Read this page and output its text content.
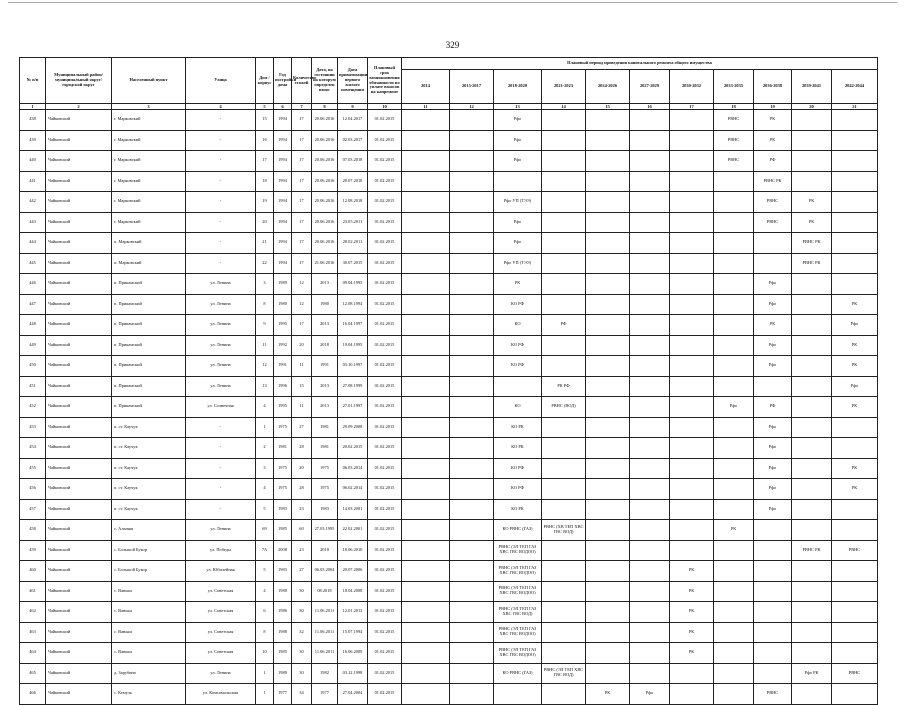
329
№ п/п	Муниципальный район/ муниципальный округ/городской округ	Населенный пункт	Улица	Дом / корпус	Год постройки дома	Количество этажей	Дата, на состоянии на которую определен износ	Дата приватизации первого жилого помещения	Плановый срок возникновения обязанности по уплате взносов на капремонт	Плановый период проведения капитального ремонта общего имущества										
										2014	2015-2017	2018-2020	2021-2023	2024-2026	2027-2029	2030-2032	2033-2035	2036-2038	2039-2041	2042-2044
1	2	3	4	5	6	7	8	9	10	11	12	13	14	15	16	17	18	19	20	21
438	Чайковский	г. Марковский	-	15	1994	17	20.06.2016	12.04.2017	01.02.2015			Рфо					РВНС	РК		
439	Чайковский	г. Марковский	-	16	1994	17	20.06.2016	02.03.2017	01.02.2015			Рфо					РВНС	РК		
440	Чайковский	г. Марковский	-	17	1994	17	20.06.2016	07.03.2018	01.02.2015			Рфо					РВНС	РФ		
441	Чайковский	г. Марковский	-	18	1994	17	20.06.2016	20.07.2018	01.02.2015									РВНС РК		
442	Чайковский	г. Марковский	-	19	1994	17	20.06.2016	12.08.2018	01.02.2015			Рфо УП (ТЭЭ)						РВНС	РК	
443	Чайковский	г. Марковский	-	20	1994	17	20.06.2016	23.05.2011	01.02.2015			Рфо						РВНС	РК	
444	Чайковский	п. Марковский	-	21	1994	17	20.06.2016	28.02.2011	01.02.2015			Рфо							РВНС РК	
445	Чайковский	п. Марковский	-	22	1994	17	21.06.2016	30.07.2015	01.02.2015			Рфо УП (ТЭЭ)							РВНС РК	
446	Чайковский	п. Прикамский	ул. Ленина	3	1989	12	2013	09.04.1995	01.02.2015			РК						Рфо		
447	Чайковский	п. Прикамский	ул. Ленина	8	1980	12	1980	12.08.1994	01.02.2015			КО РФ						Рфо		РК
448	Чайковский	п. Прикамский	ул. Ленина	9	1995	17	2013	16.04.1997	01.02.2015			КО	РФ					РК		Рфо
449	Чайковский	п. Прикамский	ул. Ленина	11	1992	20	2018	10.04.1995	01.02.2015			КО РФ						Рфо		РК
450	Чайковский	п. Прикамский	ул. Ленина	12	1991	11	1991	03.10.1997	01.02.2015			КО РФ						Рфо		РК
451	Чайковский	п. Прикамский	ул. Ленина	13	1996	15	2013	27.08.1999	01.02.2015				РК РФ							Рфо
452	Чайковский	п. Прикамский	ул. Солнечная	4	1995	11	2013	27.01.1997	01.02.2015			КО	РВНС (ВОД)				Рфо	РФ		РК
453	Чайковский	п. ст. Каучук	-	1	1975	27	1981	29.09.2008	01.02.2015			КО РК						Рфо		
454	Чайковский	п. ст. Каучук	-	2	1981	28	1981	20.02.2015	01.02.2015			КО РК						Рфо		
455	Чайковский	п. ст. Каучук	-	3	1975	20	1975	06.03.2014	01.02.2015			КО РФ						Рфо		РК
456	Чайковский	п. ст. Каучук	-	4	1975	28	1975	06.02.2014	01.02.2015			КО РФ						Рфо		РК
457	Чайковский	п. ст. Каучук	-	5	1983	23	1983	14.03.2001	01.02.2015			КО РК						Рфо		
458	Чайковский	с. Альняш	ул. Ленина	69	1985	60	27.03.1995	22.02.2001	01.02.2015			КО РВНС (ГАЗ)	РВНС (ХВ ТЕП ХВС ГВС ВОД)				РК			
459	Чайковский	с. Большой Букор	ул. Победы	7А	2008	23	2018	18.06.2010	01.02.2015			РВНС (ЭЛ ТЕП ГАЗ ХВС ГВС ВОДОО)							РВНС РК	РВНС
460	Чайковский	с. Большой Букор	ул. Юбилейная	5	1983	27	06.03.2004	20.07.2006	01.02.2015			РВНС (ЭЛ ТЕП ГАЗ ХВС ГВС ВОДОО)				РК				
461	Чайковский	с. Ваньки	ул. Советская	4	1988	30	08.2018	18.04.2008	01.02.2015			РВНС (ЭЛ ТЕП ГАЗ ХВС ГВС ВОДОО)				РК				
462	Чайковский	с. Ваньки	ул. Советская	6	1986	30	11.06.2011	12.01.2013	01.02.2015			РВНС (ЭЛ ТЕП ГАЗ ХВС ГВС ВОД)				РК				
463	Чайковский	с. Ваньки	ул. Советская	8	1988	32	11.06.2011	15.07.1994	01.02.2015			РВНС (ЭЛ ТЕП ГАЗ ХВС ГВС ВОДОО)				РК				
464	Чайковский	с. Ваньки	ул. Советская	10	1985	30	11.06.2011	16.06.2009	01.02.2015			РВНС (ЭЛ ТЕП ГАЗ ХВС ГВС ВОДОО)				РК				
465	Чайковский	д. Зарубино	ул. Ленина	1	1980	30	1982	03.12.1998	01.02.2015			КО РВНС (ГАЗ)	РВНС (ЭЛ ТЕП ХВС ГВС ВОД)						Рфо РК	РВНС
466	Чайковский	с. Кемуль	ул. Комсомольская	1	1977	34	1977	27.04.2004	01.02.2015					РК	Рфо			РВНС		
